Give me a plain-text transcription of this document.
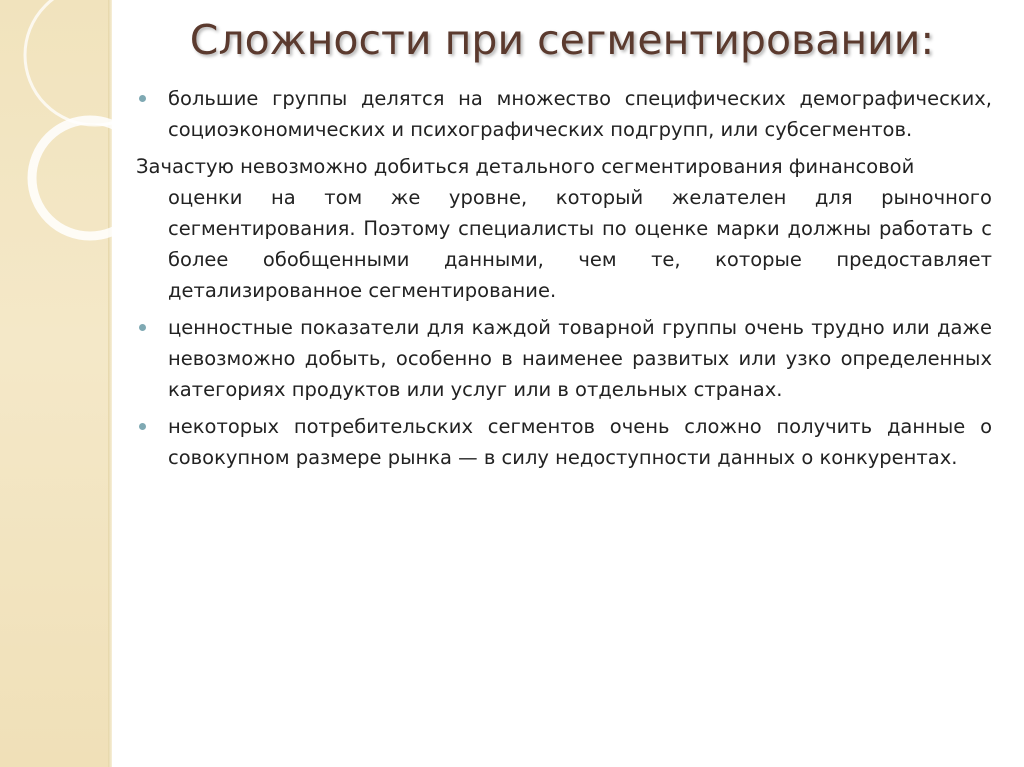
Сложности при сегментировании:
большие группы делятся на множество специфических демографических, социоэкономических и психографических подгрупп, или субсегментов.
Зачастую невозможно добиться детального сегментирования финансовой
оценки на том же уровне, который желателен для рыночного сегментирования. Поэтому специалисты по оценке марки должны работать с более обобщенными данными, чем те, которые предоставляет детализированное сегментирование.
ценностные показатели для каждой товарной группы очень трудно или даже невозможно добыть, особенно в наименее развитых или узко определенных категориях продуктов или услуг или в отдельных странах.
некоторых потребительских сегментов очень сложно получить данные о совокупном размере рынка — в силу недоступности данных о конкурентах.
